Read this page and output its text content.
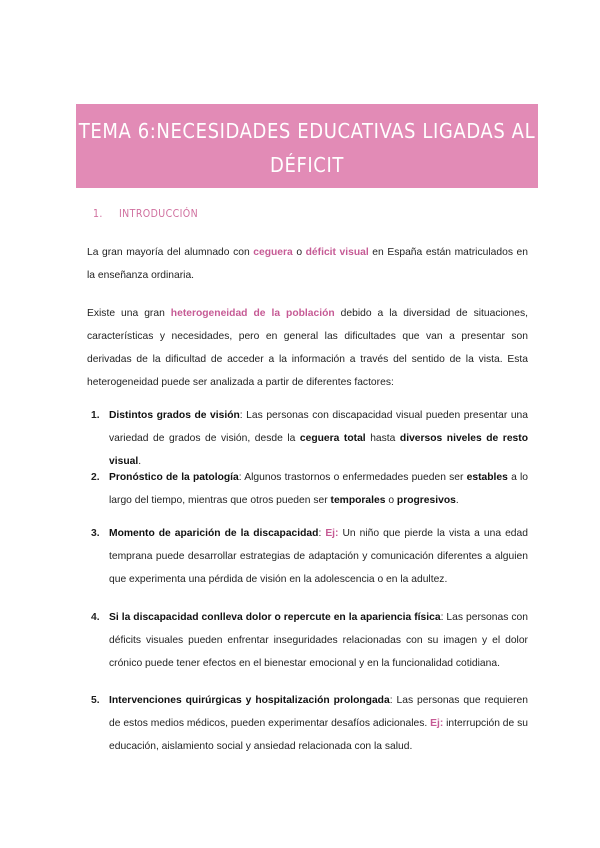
TEMA 6:NECESIDADES EDUCATIVAS LIGADAS AL DÉFICIT
VISUAL
1. INTRODUCCIÓN

La gran mayoría del alumnado con ceguera o déficit visual en España están matriculados en la enseñanza ordinaria.

Existe una gran heterogeneidad de la población debido a la diversidad de situaciones, características y necesidades, pero en general las dificultades que van a presentar son derivadas de la dificultad de acceder a la información a través del sentido de la vista. Esta heterogeneidad puede ser analizada a partir de diferentes factores:

1. Distintos grados de visión: Las personas con discapacidad visual pueden presentar una variedad de grados de visión, desde la ceguera total hasta diversos niveles de resto visual.
2. Pronóstico de la patología: Algunos trastornos o enfermedades pueden ser estables a lo largo del tiempo, mientras que otros pueden ser temporales o progresivos.
3. Momento de aparición de la discapacidad: Ej: Un niño que pierde la vista a una edad temprana puede desarrollar estrategias de adaptación y comunicación diferentes a alguien que experimenta una pérdida de visión en la adolescencia o en la adultez.
4. Si la discapacidad conlleva dolor o repercute en la apariencia física: Las personas con déficits visuales pueden enfrentar inseguridades relacionadas con su imagen y el dolor crónico puede tener efectos en el bienestar emocional y en la funcionalidad cotidiana.
5. Intervenciones quirúrgicas y hospitalización prolongada: Las personas que requieren de estos medios médicos, pueden experimentar desafíos adicionales. Ej: interrupción de su educación, aislamiento social y ansiedad relacionada con la salud.
